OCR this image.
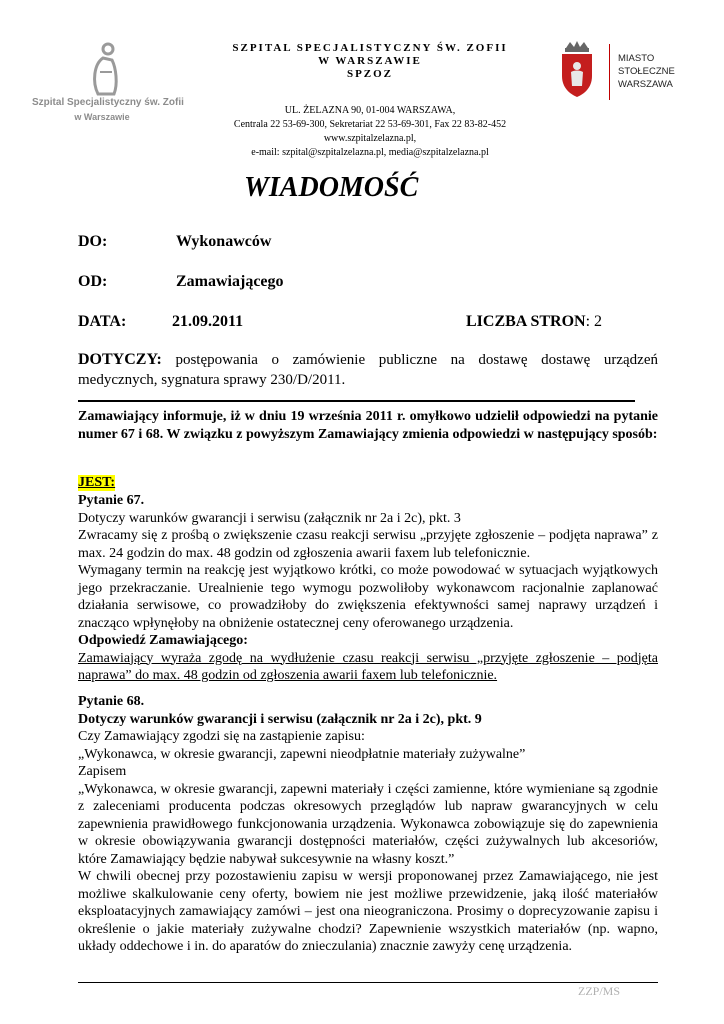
Szpital Specjalistyczny św. Zofii
w Warszawie
SZPITAL SPECJALISTYCZNY ŚW. ZOFII
W WARSZAWIE
SPZOZ
UL. ŻELAZNA 90, 01-004 WARSZAWA,
Centrala 22 53-69-300, Sekretariat 22 53-69-301, Fax 22 83-82-452
www.szpitalzelazna.pl,
e-mail: szpital@szpitalzelazna.pl, media@szpitalzelazna.pl
MIASTO
STOŁECZNE
WARSZAWA
WIADOMOŚĆ
DO:	Wykonawców
OD:	Zamawiającego
DATA:	21.09.2011	LICZBA STRON: 2
DOTYCZY: postępowania o zamówienie publiczne na dostawę dostawę urządzeń medycznych, sygnatura sprawy 230/D/2011.
Zamawiający informuje, iż w dniu 19 września 2011 r. omyłkowo udzielił odpowiedzi na pytanie numer 67 i 68. W związku z powyższym Zamawiający zmienia odpowiedzi w następujący sposób:
JEST:

Pytanie 67.

Dotyczy warunków gwarancji i serwisu (załącznik nr 2a i 2c), pkt. 3

Zwracamy się z prośbą o zwiększenie czasu reakcji serwisu „przyjęte zgłoszenie – podjęta naprawa” z max. 24 godzin do max. 48 godzin od zgłoszenia awarii faxem lub telefonicznie.

Wymagany termin na reakcję jest wyjątkowo krótki, co może powodować w sytuacjach wyjątkowych jego przekraczanie. Urealnienie tego wymogu pozwoliłoby wykonawcom racjonalnie zaplanować działania serwisowe, co prowadziłoby do zwiększenia efektywności samej naprawy urządzeń i znacząco wpłynęłoby na obniżenie ostatecznej ceny oferowanego urządzenia.

Odpowiedź Zamawiającego:

Zamawiający wyraża zgodę na wydłużenie czasu reakcji serwisu „przyjęte zgłoszenie – podjęta naprawa” do max. 48 godzin od zgłoszenia awarii faxem lub telefonicznie.

Pytanie 68.

Dotyczy warunków gwarancji i serwisu (załącznik nr 2a i 2c), pkt. 9

Czy Zamawiający zgodzi się na zastąpienie zapisu:

„Wykonawca, w okresie gwarancji, zapewni nieodpłatnie materiały zużywalne”

Zapisem

„Wykonawca, w okresie gwarancji, zapewni materiały i części zamienne, które wymieniane są zgodnie z zaleceniami producenta podczas okresowych przeglądów lub napraw gwarancyjnych w celu zapewnienia prawidłowego funkcjonowania urządzenia. Wykonawca zobowiązuje się do zapewnienia w okresie obowiązywania gwarancji dostępności materiałów, części zużywalnych lub akcesoriów, które Zamawiający będzie nabywał sukcesywnie na własny koszt.”

W chwili obecnej przy pozostawieniu zapisu w wersji proponowanej przez Zamawiającego, nie jest możliwe skalkulowanie ceny oferty, bowiem nie jest możliwe przewidzenie, jaką ilość materiałów eksploatacyjnych zamawiający zamówi – jest ona nieograniczona. Prosimy o doprecyzowanie zapisu i określenie o jakie materiały zużywalne chodzi? Zapewnienie wszystkich materiałów (np. wapno, układy oddechowe i in. do aparatów do znieczulania) znacznie zawyży cenę urządzenia.

ZZP/MS
